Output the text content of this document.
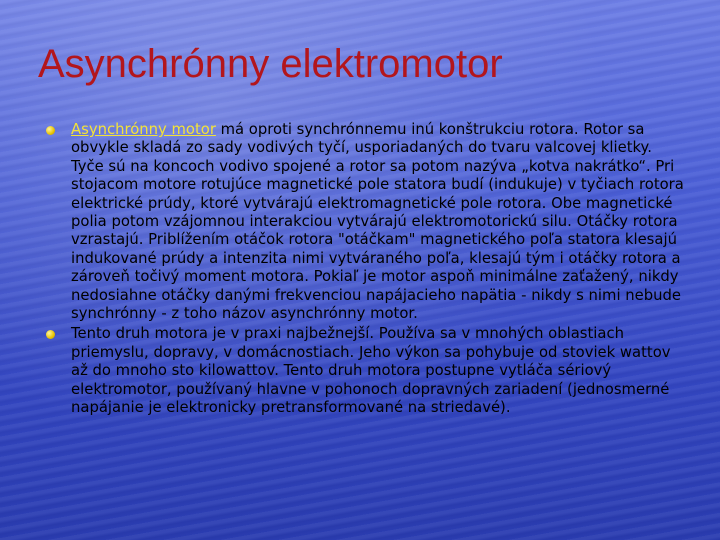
Asynchrónny elektromotor
Asynchrónny motor má oproti synchrónnemu inú konštrukciu rotora. Rotor sa obvykle skladá zo sady vodivých tyčí, usporiadaných do tvaru valcovej klietky. Tyče sú na koncoch vodivo spojené a rotor sa potom nazýva „kotva nakrátko“. Pri stojacom motore rotujúce magnetické pole statora budí (indukuje) v tyčiach rotora elektrické prúdy, ktoré vytvárajú elektromagnetické pole rotora. Obe magnetické polia potom vzájomnou interakciou vytvárajú elektromotorickú silu. Otáčky rotora vzrastajú. Priblížením otáčok rotora "otáčkam" magnetického poľa statora klesajú indukované prúdy a intenzita nimi vytváraného poľa, klesajú tým i otáčky rotora a zároveň točivý moment motora. Pokiaľ je motor aspoň minimálne zaťažený, nikdy nedosiahne otáčky danými frekvenciou napájacieho napätia - nikdy s nimi nebude synchrónny - z toho názov asynchrónny motor.
Tento druh motora je v praxi najbežnejší. Používa sa v mnohých oblastiach priemyslu, dopravy, v domácnostiach. Jeho výkon sa pohybuje od stoviek wattov až do mnoho sto kilowattov. Tento druh motora postupne vytláča sériový elektromotor, používaný hlavne v pohonoch dopravných zariadení (jednosmerné napájanie je elektronicky pretransformované na striedavé).
